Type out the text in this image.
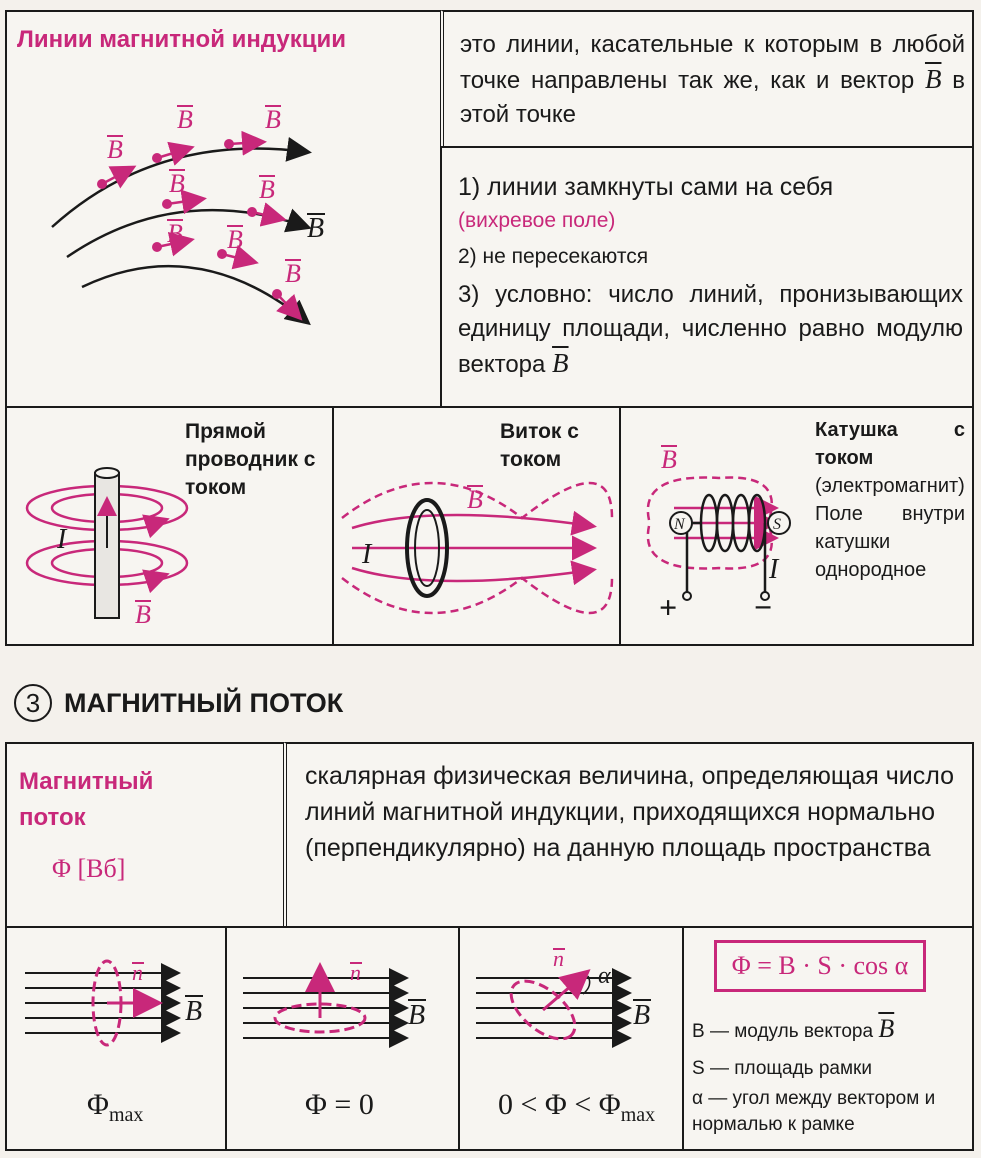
Линии магнитной индукции
B
B	B
B	B
B B
B
B
это линии, касательные к которым в любой точке направлены так же, как и вектор $\overline{B}$ в этой точке
1) линии замкнуты сами на себя
(вихревое поле)
2) не пересекаются
3) условно: число линий, пронизывающих единицу площади, численно равно модулю вектора $\overline{B}$
Прямой проводник с током
I
B
Виток с током
I
B
Катушка с током (электромагнит) Поле внутри катушки однородное
N	S
B
I
+ −
3 МАГНИТНЫЙ ПОТОК
Магнитный поток
Φ [Вб]
скалярная физическая величина, определяющая число линий магнитной индукции, приходящихся нормально (перпендикулярно) на данную площадь пространства
n
B
$\Phi_{max}$
n
B
Φ = 0
n
α
B
$0 < \Phi < \Phi_{max}$
Φ = B · S · cos α
B — модуль вектора $\overline{B}$
S — площадь рамки
α — угол между вектором и нормалью к рамке
